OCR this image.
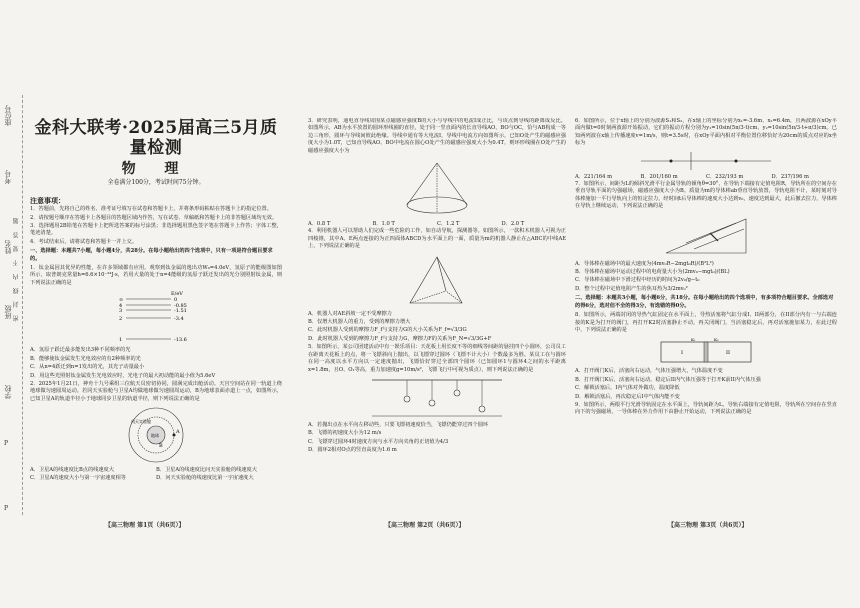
座位号
考号
姓名
班级
学校
密 封 线 内 不 要 答 题
金科大联考·2025届高三5月质量检测
物 理
全卷满分100分，考试时间75分钟。
注意事项：
1．答题前，先将自己的姓名、准考证号填写在试卷和答题卡上，并将条形码粘贴在答题卡上的指定位置。
2．请按题号顺序在答题卡上各题目的答题区域内作答，写在试卷、草稿纸和答题卡上的非答题区域均无效。
3．选择题用2B铅笔在答题卡上把所选答案的标号涂黑；非选择题用黑色签字笔在答题卡上作答；字体工整，笔迹清楚。
4．考试结束后，请将试卷和答题卡一并上交。
一、选择题：本题共7小题，每小题4分，共28分。在每小题给出的四个选项中，只有一项是符合题目要求的。
1．钛金属因其优异的性能，在许多领域都有应用。观察到钛金属的逸出功W₀=4.0eV，氢原子的能级图如图所示，取普朗克常量h=6.6×10⁻³⁴J·s，若用大量的处于n=4能级的氢原子跃迁发出的光分别照射钛金属，则下列说法正确的是
E/eV
∞	0
4	-0.85
3	-1.51
2	-3.4
1	-13.6
A．氢原子跃迁最多能发出3种不同频率的光
B．能够使钛金属发生光电效应的有2种频率的光
C．从n=4跃迁到n=1发出的光，其光子动量最小
D．用这些光照射钛金属发生光电效应时，光电子的最大初动能的最小值为5.6eV
2．2025年1月21日，神舟十九号乘组三位航天员密切协同，圆满完成出舱活动。天宫空间站在同一轨道上绕地球做匀速圆周运动。若同天实验舱与卫星A均做地球做匀速圆周运动，B为地球表面赤道上一点，如图所示，已知卫星A的轨道半径小于地球同步卫星的轨道半径，则下列说法正确的是
地球
问天实验舱
A
B
A．卫星A的线速度比B点的线速度大	B．卫星A的线速度比问天实验舱的线速度大
C．卫星A的速度大小与第一宇宙速度相等	D．问天实验舱的线速度比第一宇宙速度大
3．研究表明，通电直导线周围某点磁感应强度B的大小与导线中的电流I成正比，与该点到导线的距离成反比。如图所示，AB为水平放置的圆环形线圈的直径，处于同一竖直面内的长直导线AO、BO与OC，恰与AB构成一等边三角形，圆环与导线间彼此绝缘。导线中通有等大电流I，导线中电流方向如图所示，已知O处产生的磁感应强度大小为1.0T，已知直导线AO、BO中电流在圆心O处产生的磁感应强度大小为0.4T，则环形线圈在O处产生的磁感应强度大小为
A．0.8 T	B．1.0 T	C．1.2 T	D．2.0 T
4．利用机器人可以帮助人们完成一些危险的工作，如自动导航，探测器等。如图所示，一款积木机器人可视为正四棱锥，其中A、E两点连接的为正四面体ABCD为水平面上的一面，质量为m的机器人静止在△ABC的中线AE上，下列说法正确的是
A．机器人对AE斜坡一定不受摩擦力
B．仅增大机器人的重力，受到的摩擦力增大
C．此时机器人受到的摩擦力F_f与支持力G的大小关系为F_f=√3/3G
D．此时机器人受到的摩擦力F_f与支持力G，摩擦力F的关系为F_N=√3/3G+F
5．如图所示，某公司团建活动中有一娱乐项目：天花板上用长度不等的细线等间距的悬挂四个小圆环，公司员工在距离天花板上的点，将一飞镖斜向上抛出，以飞镖穿过圆环（飞镖不计大小）个数最多为胜。某员工在与圆环在同一高度以水平方向以一定速度抛出，飞镖恰好穿过全部四个圆环（已知圆环1与圆环4之间的水平距离x=1.8m，且O、O₁等高，重力加速度g=10m/s²，飞镖飞行中可视为质点），则下列说法正确的是
A．若抛出点在水平向左移动些，只要飞镖初速度恰当，飞镖仍能穿过四个圆环
B．飞镖的初速度大小为12 m/s
C．飞镖穿过圆环4时速度方向与水平方向夹角的正切值为4/3
D．圆环2相对O点的竖直高度为1.6 m
6．如图所示，位于x轴上的分别为波源S₁和S₂，在x轴上的坐标分别为x₁=-3.6m、x₂=6.4m，且两波源在xOy平面内做t=0时刻两波源开始振动，它们的振动方程分别为y₁=10sin(5π/3·t)cm、y₂=10sin(5π/3·t+π/3)cm。已知两列波在x轴上传播速度v=1m/s，则t=3.5s时，在xOy平面内相对平衡位置位移恰好为20cm的质点对应的x坐标为
A．221/164 m	B．201/160 m	C．232/193 m	D．237/196 m
7．如图所示，间距为L的倾斜光滑平行金属导轨的倾角θ=30°，在导轨下端接有定值电阻R，导轨所在的空间存在垂直导轨平面的匀强磁场，磁感应强度大小为B。质量为m的导体棒ab垂直导轨放置，导轨电阻不计，某时刻对导体棒施加一平行导轨向上的恒定拉力，经时间t后导体棒的速度大小达到v₀，速度达到最大，此后撤去拉力，导体棒在导轨上继续运动，下列说法正确的是
A．导体棒在磁场中的最大速度为(4mv₀R−2mgt₀R)/(B²L²)
B．导体棒在磁场中运动过程中的电荷量大小为(2mv₀−mgt₀)/(BL)
C．导体棒在磁场中下滑过程中经历的时间为2v₀/g−t₀
D．整个过程中定值电阻产生的焦耳热为3/2mv₀²
二、选择题：本题共3小题，每小题6分，共18分。在每小题给出的四个选项中，有多项符合题目要求。全部选对的得6分，选对但不全的得3分，有选错的得0分。
8．如图所示，两端封闭的导热气缸固定在水平面上，导热活塞将气缸分成I、II两部分，在II部分内有一与右端连接的K是为打开的阀门，再打开K2时活塞静止不动，再关闭阀门，当活塞稳定后，再对活塞施加某力，在此过程中，下列说法正确的是
I	II
K₁	K₂
A．打开阀门K后，活塞向右运动，气体压强增大，气体温度不变
B．打开阀门K后，活塞向右运动，稳定后II内气体压强等于打开K前II内气体压强
C．解锁活塞后，I内气体对外做功，温度降低
D．解锁活塞后，再次稳定后I中气体内能不变
9．如图所示，两根平行光滑导轨固定在水平面上，导轨间距为L，导轨右端接有定值电阻，导轨所在空间存在竖直向下的匀强磁场，一导体棒在外力作用下由静止开始运动，下列说法正确的是
【高三物理 第1页（共6页）】	【高三物理 第2页（共6页）】	【高三物理 第3页（共6页）】
P
P
